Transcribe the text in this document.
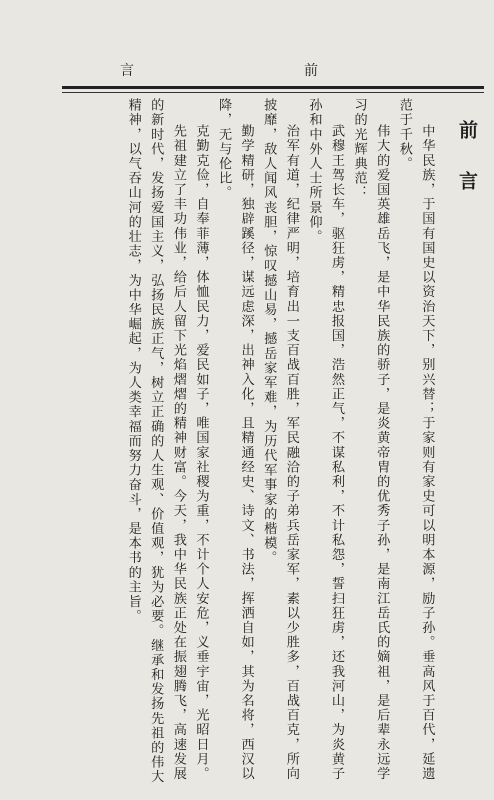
言	前
前言
中华民族，于国有国史以资治天下，别兴替；于家则有家史可以明本源，励子孙。垂高风于百代，延遗范于千秋。
伟大的爱国英雄岳飞，是中华民族的骄子，是炎黄帝胄的优秀子孙，是南江岳氏的嫡祖，是后辈永远学习的光辉典范：
武穆王驾长车，驱狂虏，精忠报国，浩然正气，不谋私利，不计私怨，誓扫狂虏，还我河山，为炎黄子孙和中外人士所景仰。
治军有道，纪律严明，培育出一支百战百胜，军民融洽的子弟兵岳家军，素以少胜多，百战百克，所向披靡，敌人闻风丧胆，惊叹撼山易，撼岳家军难，为历代军事家的楷模。
勤学精研，独辟蹊径，谋远虑深，出神入化，且精通经史、诗文、书法，挥洒自如，其为名将，西汉以降，无与伦比。
克勤克俭，自奉菲薄，体恤民力，爱民如子，唯国家社稷为重，不计个人安危，义垂宇宙，光昭日月。
先祖建立了丰功伟业，给后人留下光焰熠熠的精神财富。今天，我中华民族正处在振翅腾飞，高速发展的新时代，发扬爱国主义，弘扬民族正气，树立正确的人生观、价值观，犹为必要。继承和发扬先祖的伟大精神，以气吞山河的壮志，为中华崛起，为人类幸福而努力奋斗，是本书的主旨。
